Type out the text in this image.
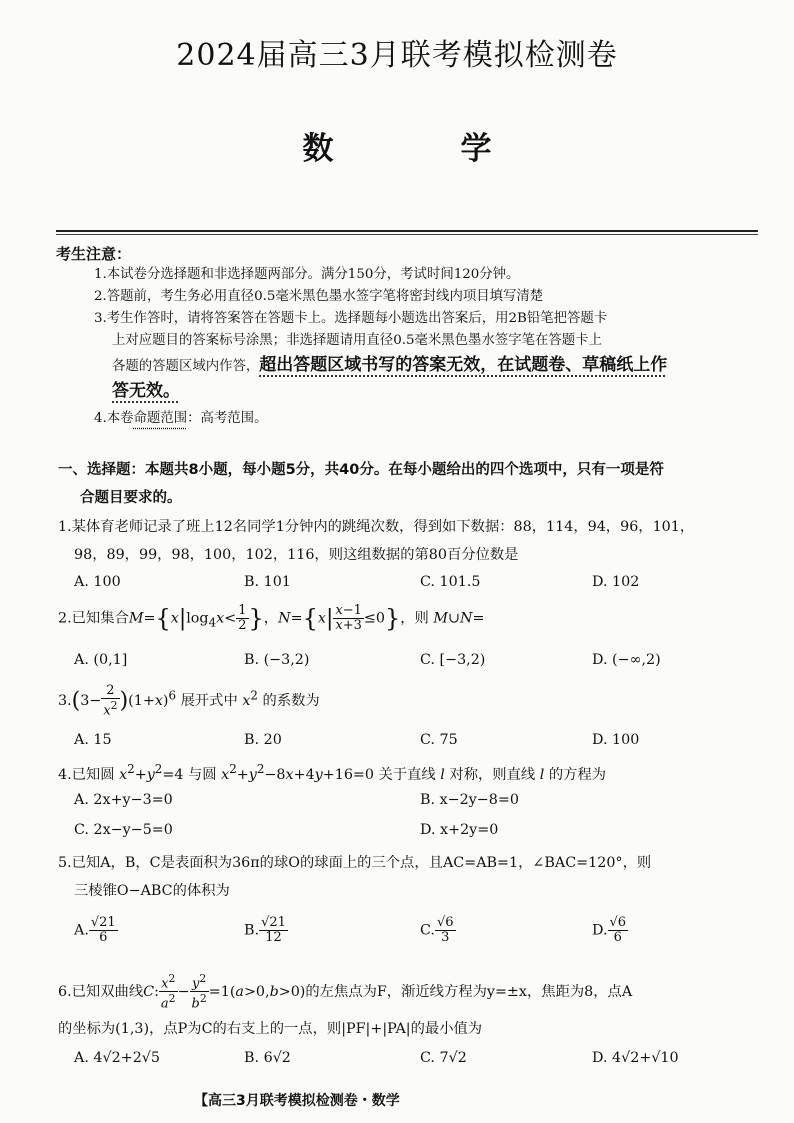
2024届高三3月联考模拟检测卷
数　学
考生注意：
1.本试卷分选择题和非选择题两部分。满分150分，考试时间120分钟。
2.答题前，考生务必用直径0.5毫米黑色墨水签字笔将密封线内项目填写清楚
3.考生作答时，请将答案答在答题卡上。选择题每小题选出答案后，用2B铅笔把答题卡
上对应题目的答案标号涂黑；非选择题请用直径0.5毫米黑色墨水签字笔在答题卡上
各题的答题区域内作答，超出答题区域书写的答案无效，在试题卷、草稿纸上作
答无效。
4.本卷命题范围：高考范围。
一、选择题：本题共8小题，每小题5分，共40分。在每小题给出的四个选项中，只有一项是符
合题目要求的。
1.某体育老师记录了班上12名同学1分钟内的跳绳次数，得到如下数据：88，114，94，96，101，
98，89，99，98，100，102，116，则这组数据的第80百分位数是
A. 100	B. 101	C. 101.5	D. 102
2.已知集合$M=\{x|\log_4x< \frac{1}{2}$ }，$N=\{x| \frac{x-1}{x+3} \le 0\}$，则 M∪N=
A. (0,1]	B. (−3,2)	C. [−3,2)	D. (−∞,2)
$3.(3- \frac{2}{x^2} )(1+x)^6$ 展开式中 $x^2$ 的系数为
A. 15	B. 20	C. 75	D. 100
4.已知圆 $x^2+y^2=4$ 与圆 $x^2+y^2-8x+4y+16=0$ 关于直线 l 对称，则直线 l 的方程为
A. 2x+y−3=0	B. x−2y−8=0
C. 2x−y−5=0	D. x+2y=0
5.已知A，B，C是表面积为36π的球O的球面上的三个点，且AC=AB=1，∠BAC=120°，则
三棱锥O−ABC的体积为
A. $\frac{√21}{6}$	B. $\frac{√21}{12}$	C. $\frac{√6}{3}$	D. $\frac{√6}{6}$
6.已知双曲线C: $\frac{x^2}{a^2} - \frac{y^2}{b^2} =1(a>0,b>0)$的左焦点为F，渐近线方程为y=±x，焦距为8，点A
的坐标为(1,3)，点P为C的右支上的一点，则|PF|+|PA|的最小值为
A. 4√2+2√5	B. 6√2	C. 7√2	D. 4√2+√10
【高三3月联考模拟检测卷・数学
